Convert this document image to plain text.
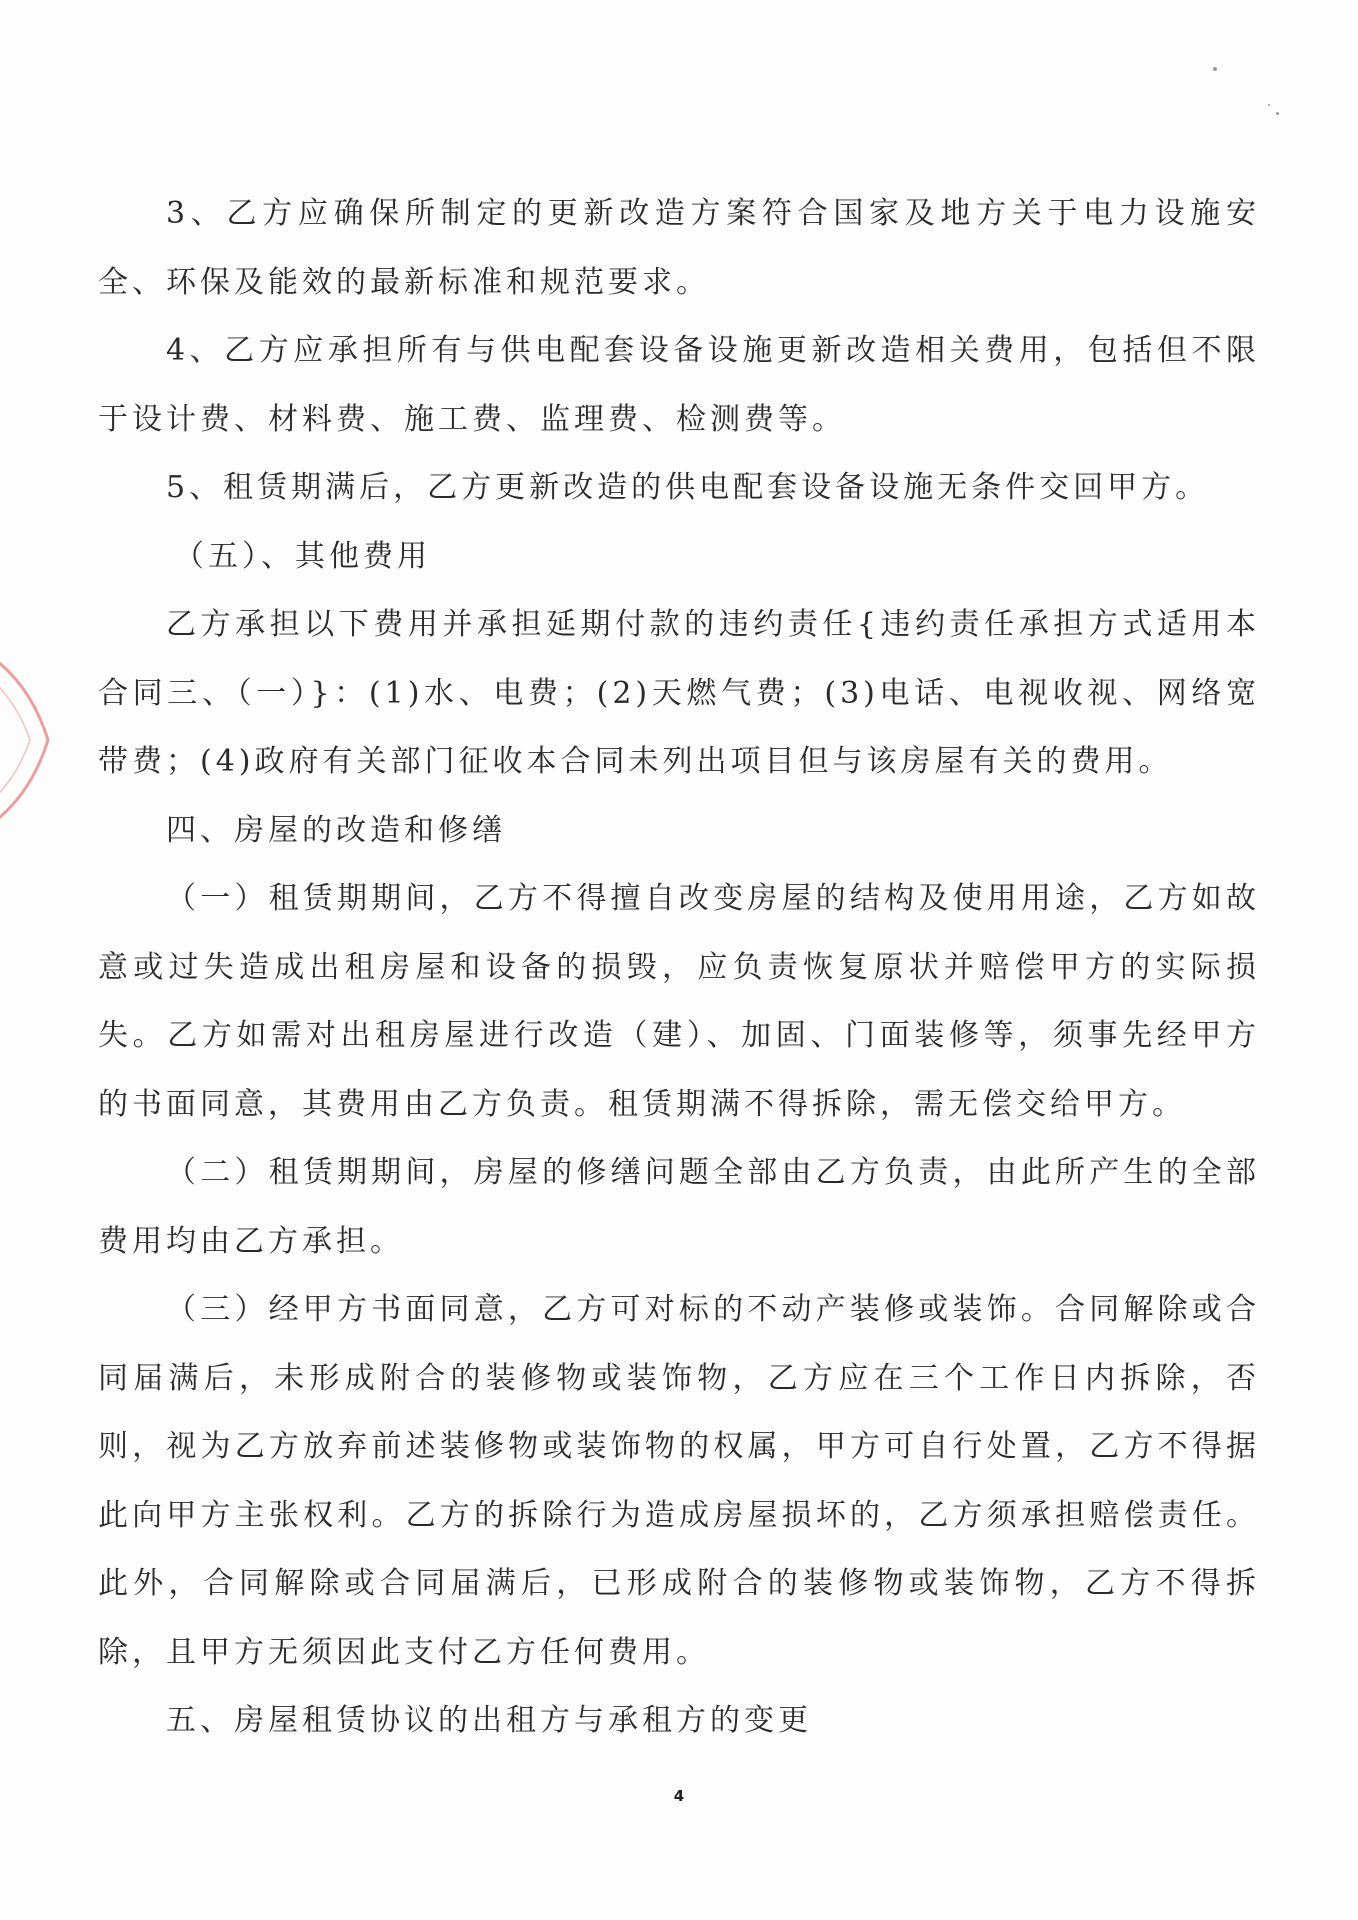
3、乙方应确保所制定的更新改造方案符合国家及地方关于电力设施安全、环保及能效的最新标准和规范要求。

4、乙方应承担所有与供电配套设备设施更新改造相关费用，包括但不限于设计费、材料费、施工费、监理费、检测费等。

5、租赁期满后，乙方更新改造的供电配套设备设施无条件交回甲方。

（五）、其他费用

乙方承担以下费用并承担延期付款的违约责任{违约责任承担方式适用本合同三、（一）}：(1)水、电费；(2)天燃气费；(3)电话、电视收视、网络宽带费；(4)政府有关部门征收本合同未列出项目但与该房屋有关的费用。

四、房屋的改造和修缮

（一）租赁期期间，乙方不得擅自改变房屋的结构及使用用途，乙方如故意或过失造成出租房屋和设备的损毁，应负责恢复原状并赔偿甲方的实际损失。乙方如需对出租房屋进行改造（建）、加固、门面装修等，须事先经甲方的书面同意，其费用由乙方负责。租赁期满不得拆除，需无偿交给甲方。

（二）租赁期期间，房屋的修缮问题全部由乙方负责，由此所产生的全部费用均由乙方承担。

（三）经甲方书面同意，乙方可对标的不动产装修或装饰。合同解除或合同届满后，未形成附合的装修物或装饰物，乙方应在三个工作日内拆除，否则，视为乙方放弃前述装修物或装饰物的权属，甲方可自行处置，乙方不得据此向甲方主张权利。乙方的拆除行为造成房屋损坏的，乙方须承担赔偿责任。此外，合同解除或合同届满后，已形成附合的装修物或装饰物，乙方不得拆除，且甲方无须因此支付乙方任何费用。

五、房屋租赁协议的出租方与承租方的变更

4
